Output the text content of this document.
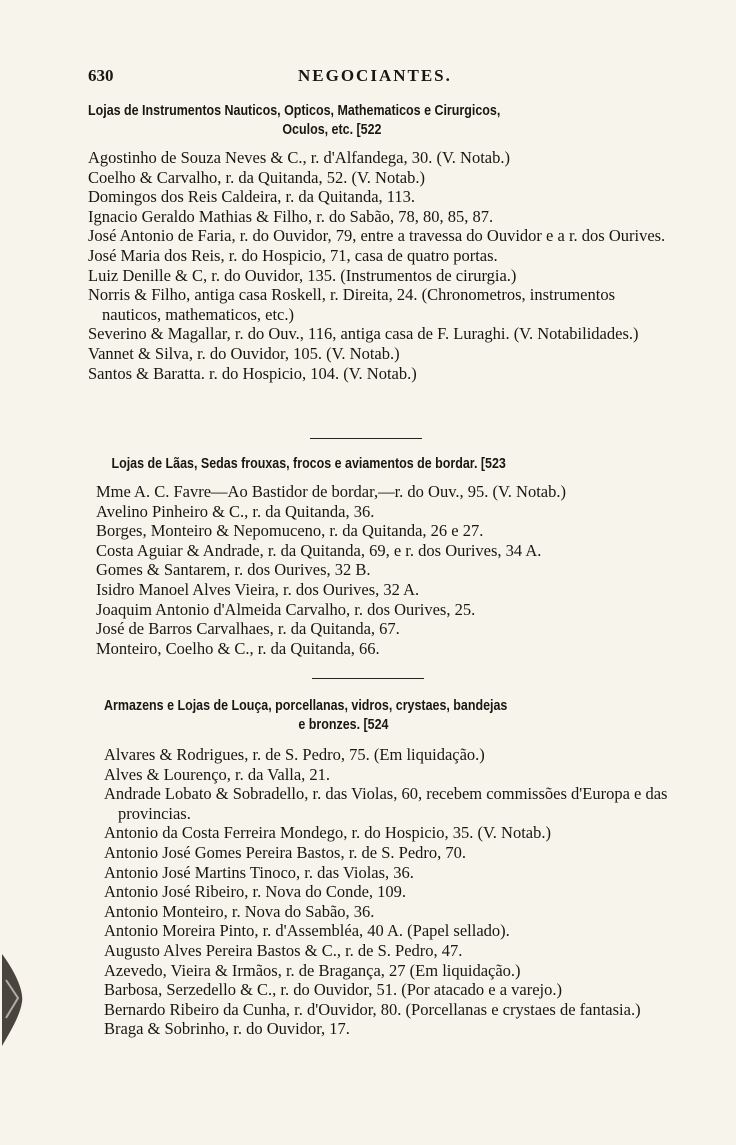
630	NEGOCIANTES.
Lojas de Instrumentos Nauticos, Opticos, Mathematicos e Cirurgicos,
Oculos, etc. [522

Agostinho de Souza Neves & C., r. d'Alfandega, 30. (V. Notab.)

Coelho & Carvalho, r. da Quitanda, 52. (V. Notab.)

Domingos dos Reis Caldeira, r. da Quitanda, 113.

Ignacio Geraldo Mathias & Filho, r. do Sabão, 78, 80, 85, 87.

José Antonio de Faria, r. do Ouvidor, 79, entre a travessa do Ouvidor e a r. dos Ourives.

José Maria dos Reis, r. do Hospicio, 71, casa de quatro portas.

Luiz Denille & C, r. do Ouvidor, 135. (Instrumentos de cirurgia.)

Norris & Filho, antiga casa Roskell, r. Direita, 24. (Chronometros, instrumentos nauticos, mathematicos, etc.)

Severino & Magallar, r. do Ouv., 116, antiga casa de F. Luraghi. (V. Notabilidades.)

Vannet & Silva, r. do Ouvidor, 105. (V. Notab.)

Santos & Baratta. r. do Hospicio, 104. (V. Notab.)

Lojas de Lãas, Sedas frouxas, frocos e aviamentos de bordar. [523

Mme A. C. Favre—Ao Bastidor de bordar,—r. do Ouv., 95. (V. Notab.)

Avelino Pinheiro & C., r. da Quitanda, 36.

Borges, Monteiro & Nepomuceno, r. da Quitanda, 26 e 27.

Costa Aguiar & Andrade, r. da Quitanda, 69, e r. dos Ourives, 34 A.

Gomes & Santarem, r. dos Ourives, 32 B.

Isidro Manoel Alves Vieira, r. dos Ourives, 32 A.

Joaquim Antonio d'Almeida Carvalho, r. dos Ourives, 25.

José de Barros Carvalhaes, r. da Quitanda, 67.

Monteiro, Coelho & C., r. da Quitanda, 66.

Armazens e Lojas de Louça, porcellanas, vidros, crystaes, bandejas
e bronzes. [524

Alvares & Rodrigues, r. de S. Pedro, 75. (Em liquidação.)

Alves & Lourenço, r. da Valla, 21.

Andrade Lobato & Sobradello, r. das Violas, 60, recebem commissões d'Europa e das provincias.

Antonio da Costa Ferreira Mondego, r. do Hospicio, 35. (V. Notab.)

Antonio José Gomes Pereira Bastos, r. de S. Pedro, 70.

Antonio José Martins Tinoco, r. das Violas, 36.

Antonio José Ribeiro, r. Nova do Conde, 109.

Antonio Monteiro, r. Nova do Sabão, 36.

Antonio Moreira Pinto, r. d'Assembléa, 40 A. (Papel sellado).

Augusto Alves Pereira Bastos & C., r. de S. Pedro, 47.

Azevedo, Vieira & Irmãos, r. de Bragança, 27 (Em liquidação.)

Barbosa, Serzedello & C., r. do Ouvidor, 51. (Por atacado e a varejo.)

Bernardo Ribeiro da Cunha, r. d'Ouvidor, 80. (Porcellanas e crystaes de fantasia.)

Braga & Sobrinho, r. do Ouvidor, 17.
